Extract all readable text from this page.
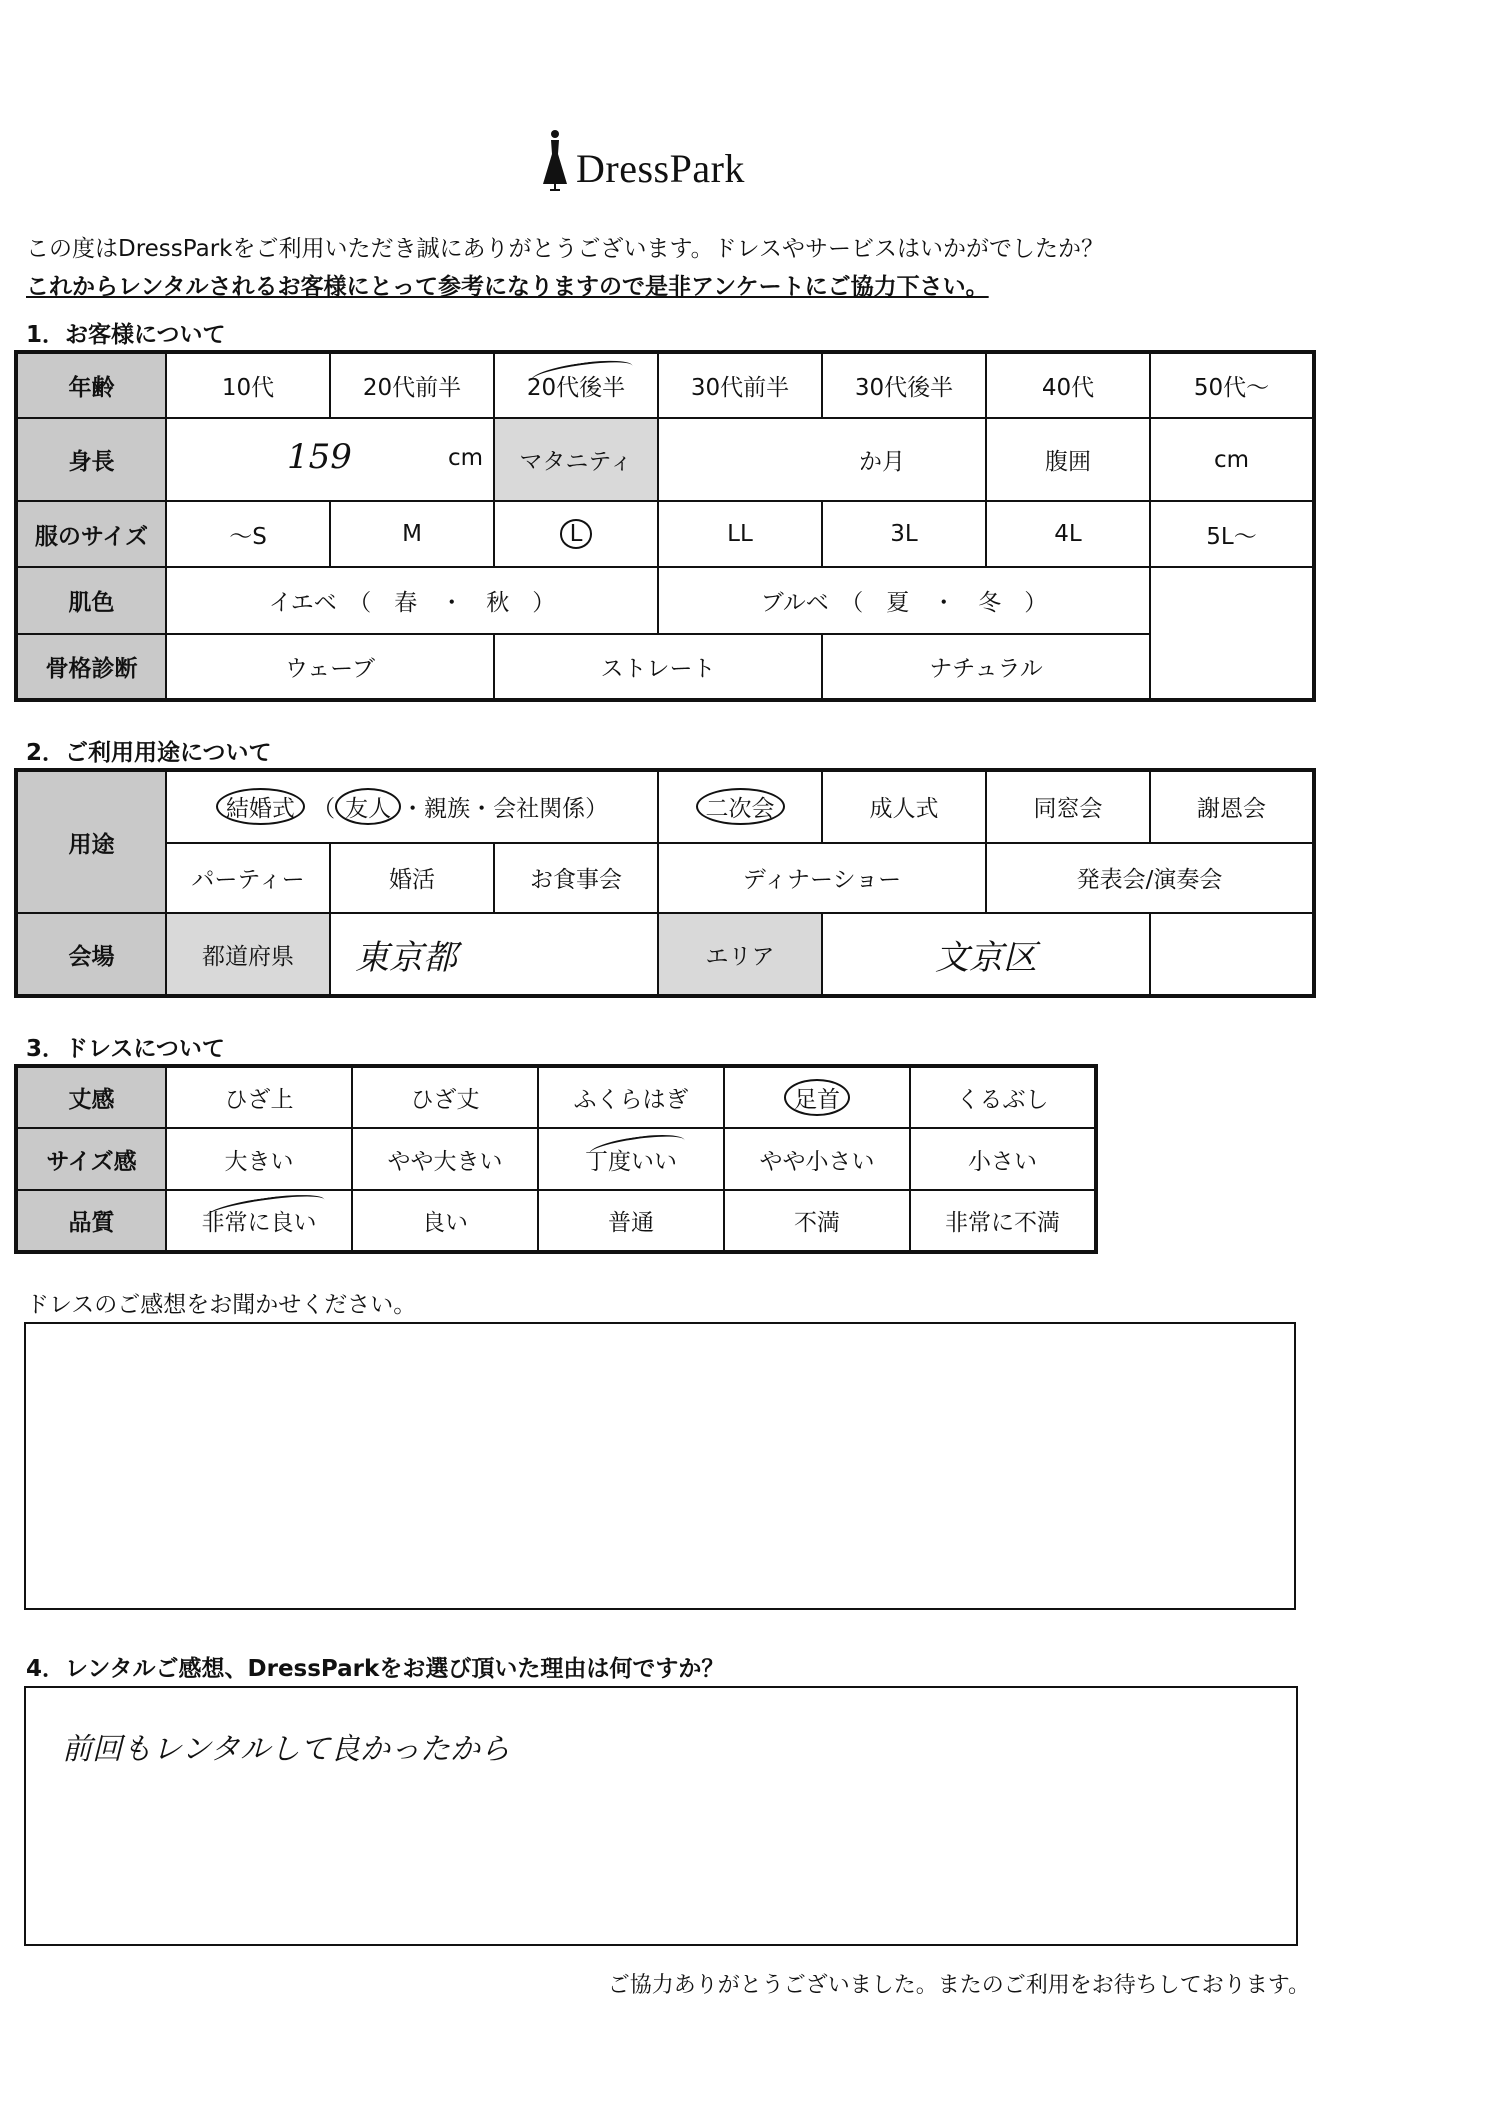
DressPark
この度はDressParkをご利用いただき誠にありがとうございます。ドレスやサービスはいかがでしたか？
これからレンタルされるお客様にとって参考になりますので是非アンケートにご協力下さい。
1．お客様について
年齢	10代	20代前半	20代後半	30代前半	30代後半	40代	50代～
身長	159 cm		マタニティ	か月		腹囲	cm
服のサイズ	～S	M	L	LL	3L	4L	5L～
肌色	イエベ　（　春　・　秋　）			ブルベ　（　夏　・　冬　）			
骨格診断	ウェーブ		ストレート		ナチュラル		
2．ご利用用途について
用途	結婚式 （ 友人 ・親族・会社関係）			二次会	成人式	同窓会	謝恩会
	パーティー	婚活	お食事会	ディナーショー		発表会/演奏会	
会場	都道府県	東京都		エリア	文京区		
3．ドレスについて
丈感	ひざ上	ひざ丈	ふくらはぎ	足首	くるぶし
サイズ感	大きい	やや大きい	丁度いい	やや小さい	小さい
品質	非常に良い	良い	普通	不満	非常に不満
ドレスのご感想をお聞かせください。
4．レンタルご感想、DressParkをお選び頂いた理由は何ですか？
前回もレンタルして良かったから
ご協力ありがとうございました。またのご利用をお待ちしております。
